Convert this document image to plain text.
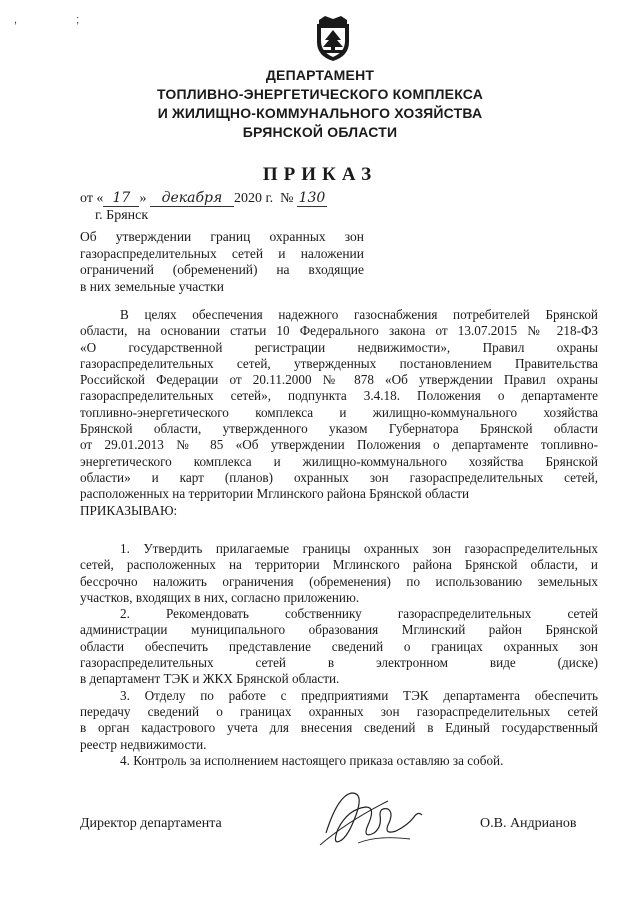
, ;
ДЕПАРТАМЕНТ
ТОПЛИВНО-ЭНЕРГЕТИЧЕСКОГО КОМПЛЕКСА
И ЖИЛИЩНО-КОММУНАЛЬНОГО ХОЗЯЙСТВА
БРЯНСКОЙ ОБЛАСТИ
ПРИКАЗ
от « 17 » декабря 2020 г. № 130
г. Брянск
Об утверждении границ охранных зон
газораспределительных сетей и наложении
ограничений (обременений) на входящие
в них земельные участки
В целях обеспечения надежного газоснабжения потребителей Брянской
области, на основании статьи 10 Федерального закона от 13.07.2015 № 218-ФЗ
«О государственной регистрации недвижимости», Правил охраны
газораспределительных сетей, утвержденных постановлением Правительства
Российской Федерации от 20.11.2000 № 878 «Об утверждении Правил охраны
газораспределительных сетей», подпункта 3.4.18. Положения о департаменте
топливно-энергетического комплекса и жилищно-коммунального хозяйства
Брянской области, утвержденного указом Губернатора Брянской области
от 29.01.2013 № 85 «Об утверждении Положения о департаменте топливно-
энергетического комплекса и жилищно-коммунального хозяйства Брянской
области» и карт (планов) охранных зон газораспределительных сетей,
расположенных на территории Мглинского района Брянской области
ПРИКАЗЫВАЮ:
1. Утвердить прилагаемые границы охранных зон газораспределительных
сетей, расположенных на территории Мглинского района Брянской области, и
бессрочно наложить ограничения (обременения) по использованию земельных
участков, входящих в них, согласно приложению.
2. Рекомендовать собственнику газораспределительных сетей
администрации муниципального образования Мглинский район Брянской
области обеспечить представление сведений о границах охранных зон
газораспределительных сетей в электронном виде (диске)
в департамент ТЭК и ЖКХ Брянской области.
3. Отделу по работе с предприятиями ТЭК департамента обеспечить
передачу сведений о границах охранных зон газораспределительных сетей
в орган кадастрового учета для внесения сведений в Единый государственный
реестр недвижимости.
4. Контроль за исполнением настоящего приказа оставляю за собой.
Директор департамента	О.В. Андрианов
